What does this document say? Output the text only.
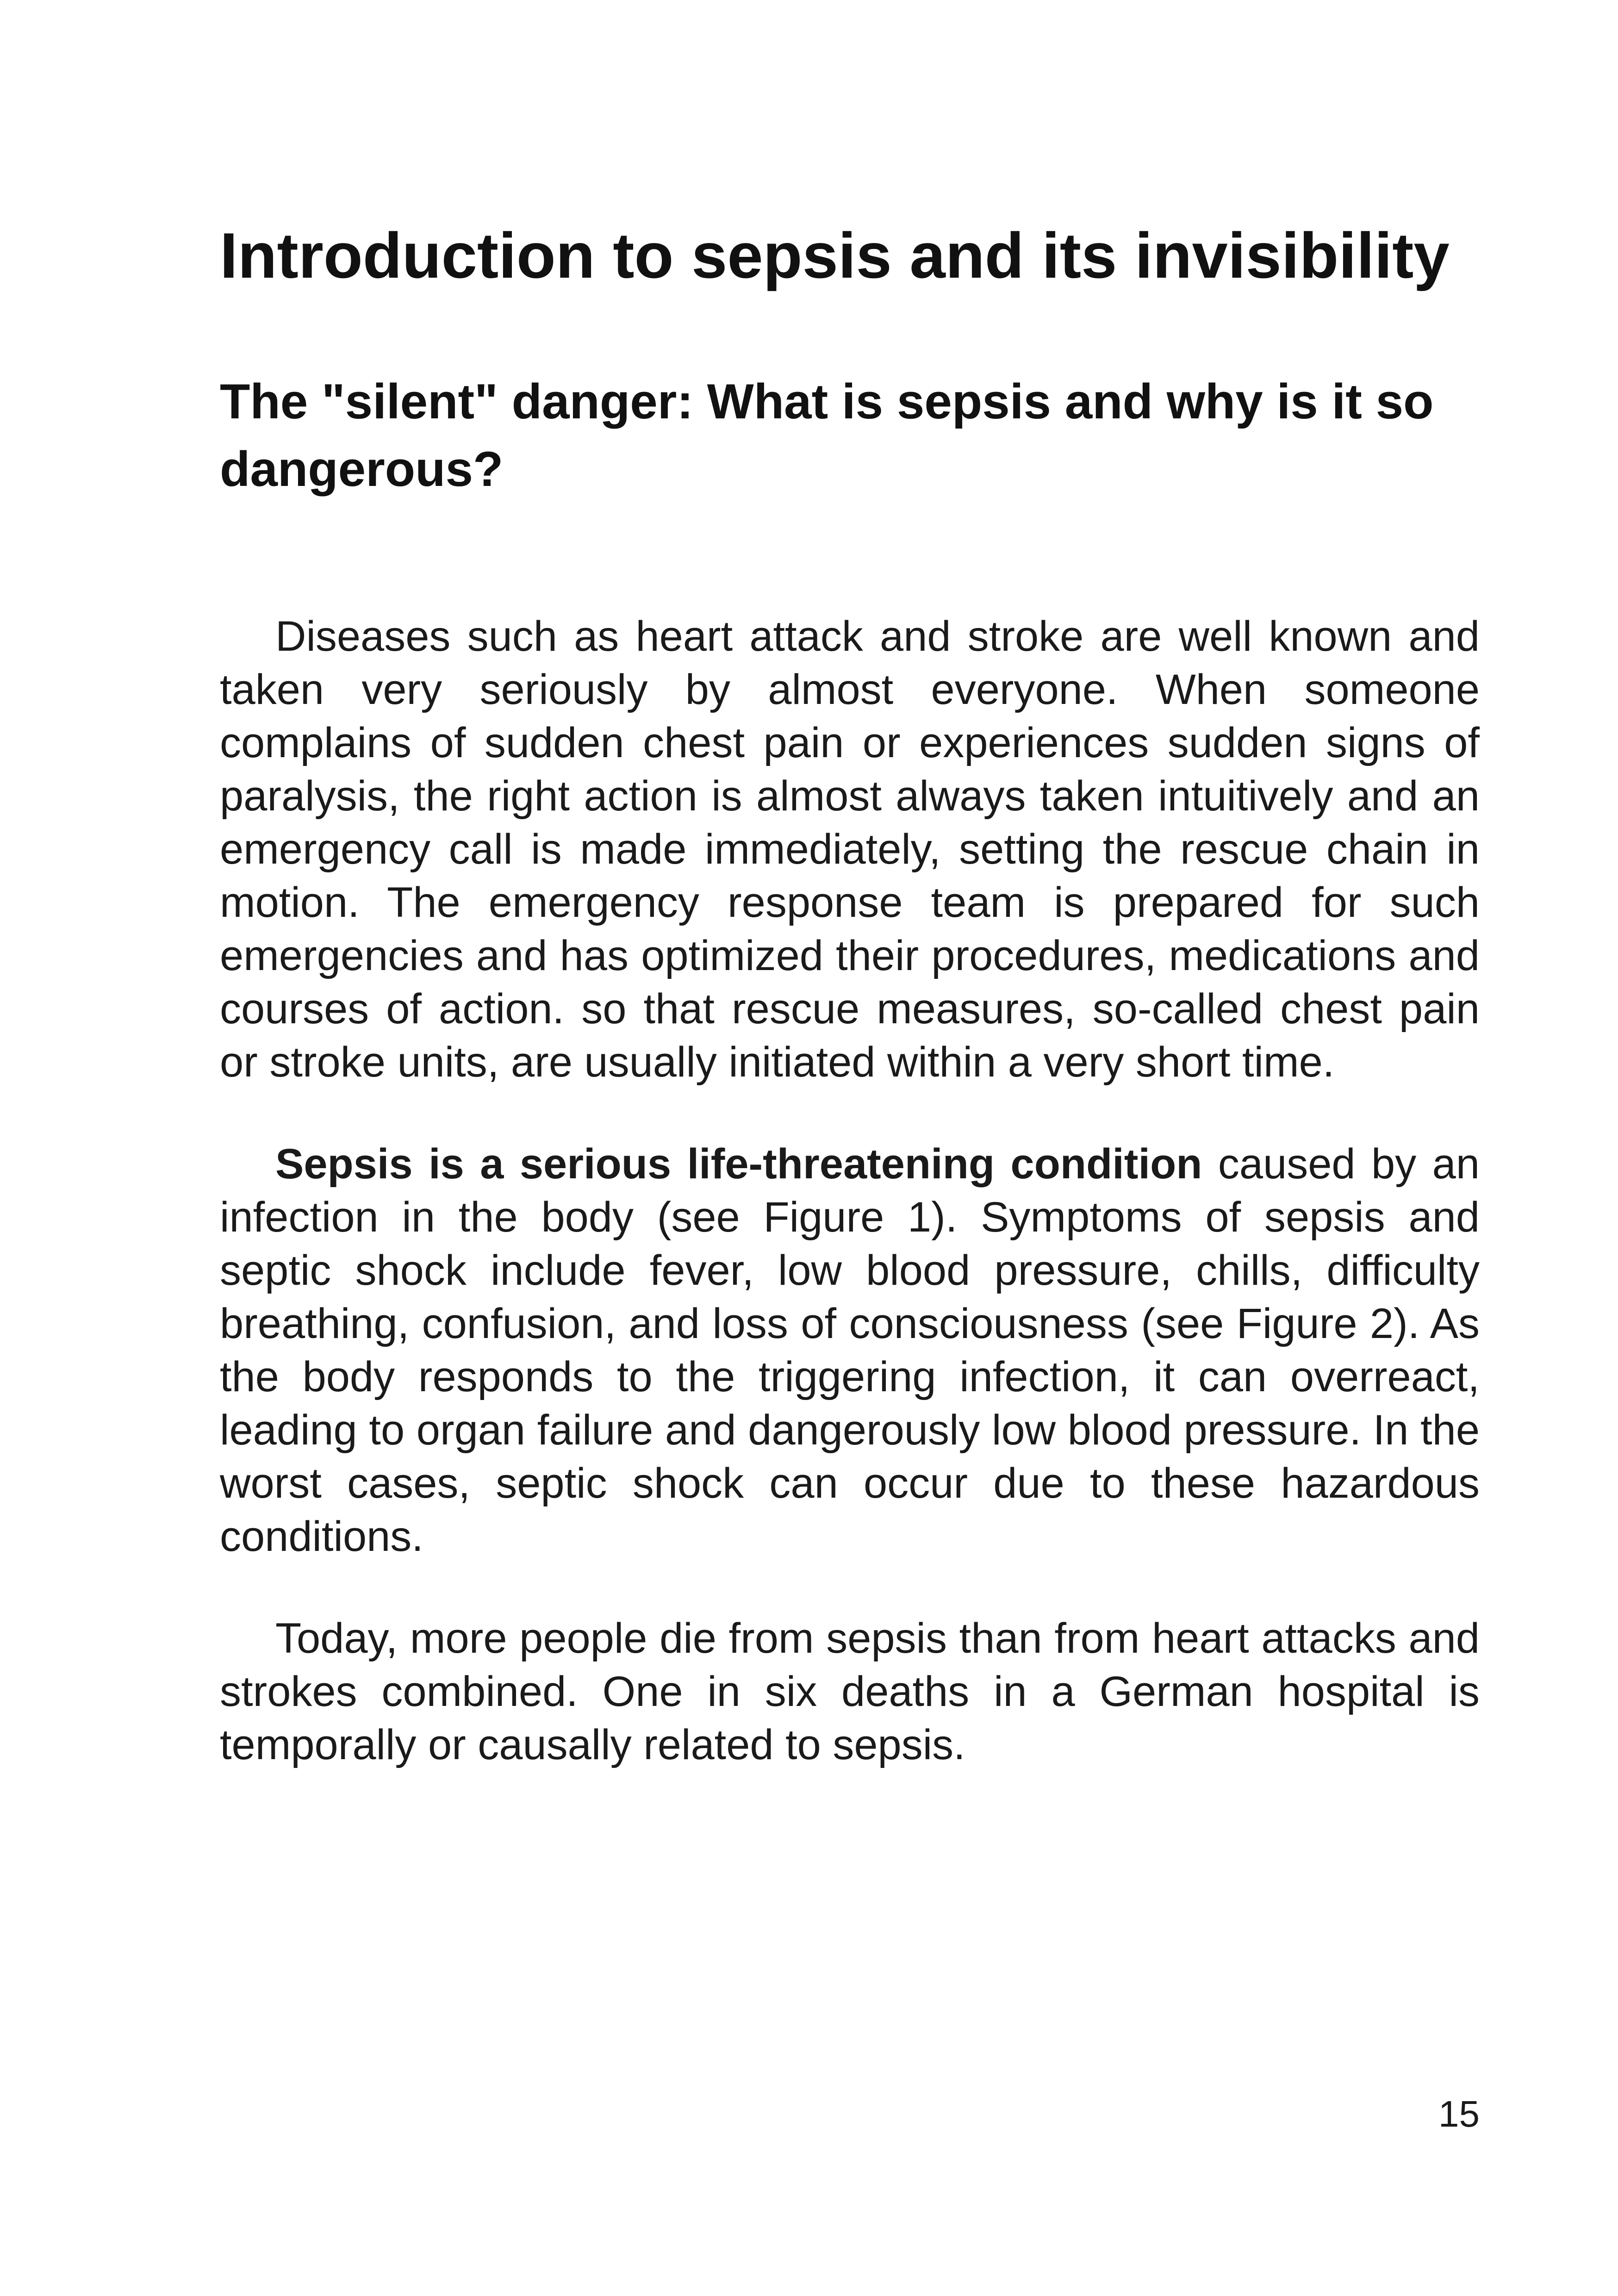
Introduction to sepsis and its invisibility
The "silent" danger: What is sepsis and why is it so dangerous?

Diseases such as heart attack and stroke are well known and taken very seriously by almost everyone. When someone complains of sudden chest pain or experiences sudden signs of paralysis, the right action is almost always taken intuitively and an emergency call is made immediately, setting the rescue chain in motion. The emergency response team is prepared for such emergencies and has optimized their procedures, medications and courses of action. so that rescue measures, so-called chest pain or stroke units, are usually initiated within a very short time.

Sepsis is a serious life-threatening condition caused by an infection in the body (see Figure 1). Symptoms of sepsis and septic shock include fever, low blood pressure, chills, difficulty breathing, confusion, and loss of consciousness (see Figure 2). As the body responds to the triggering infection, it can overreact, leading to organ failure and dangerously low blood pressure. In the worst cases, septic shock can occur due to these hazardous conditions.

Today, more people die from sepsis than from heart attacks and strokes combined. One in six deaths in a German hospital is temporally or causally related to sepsis.

15
